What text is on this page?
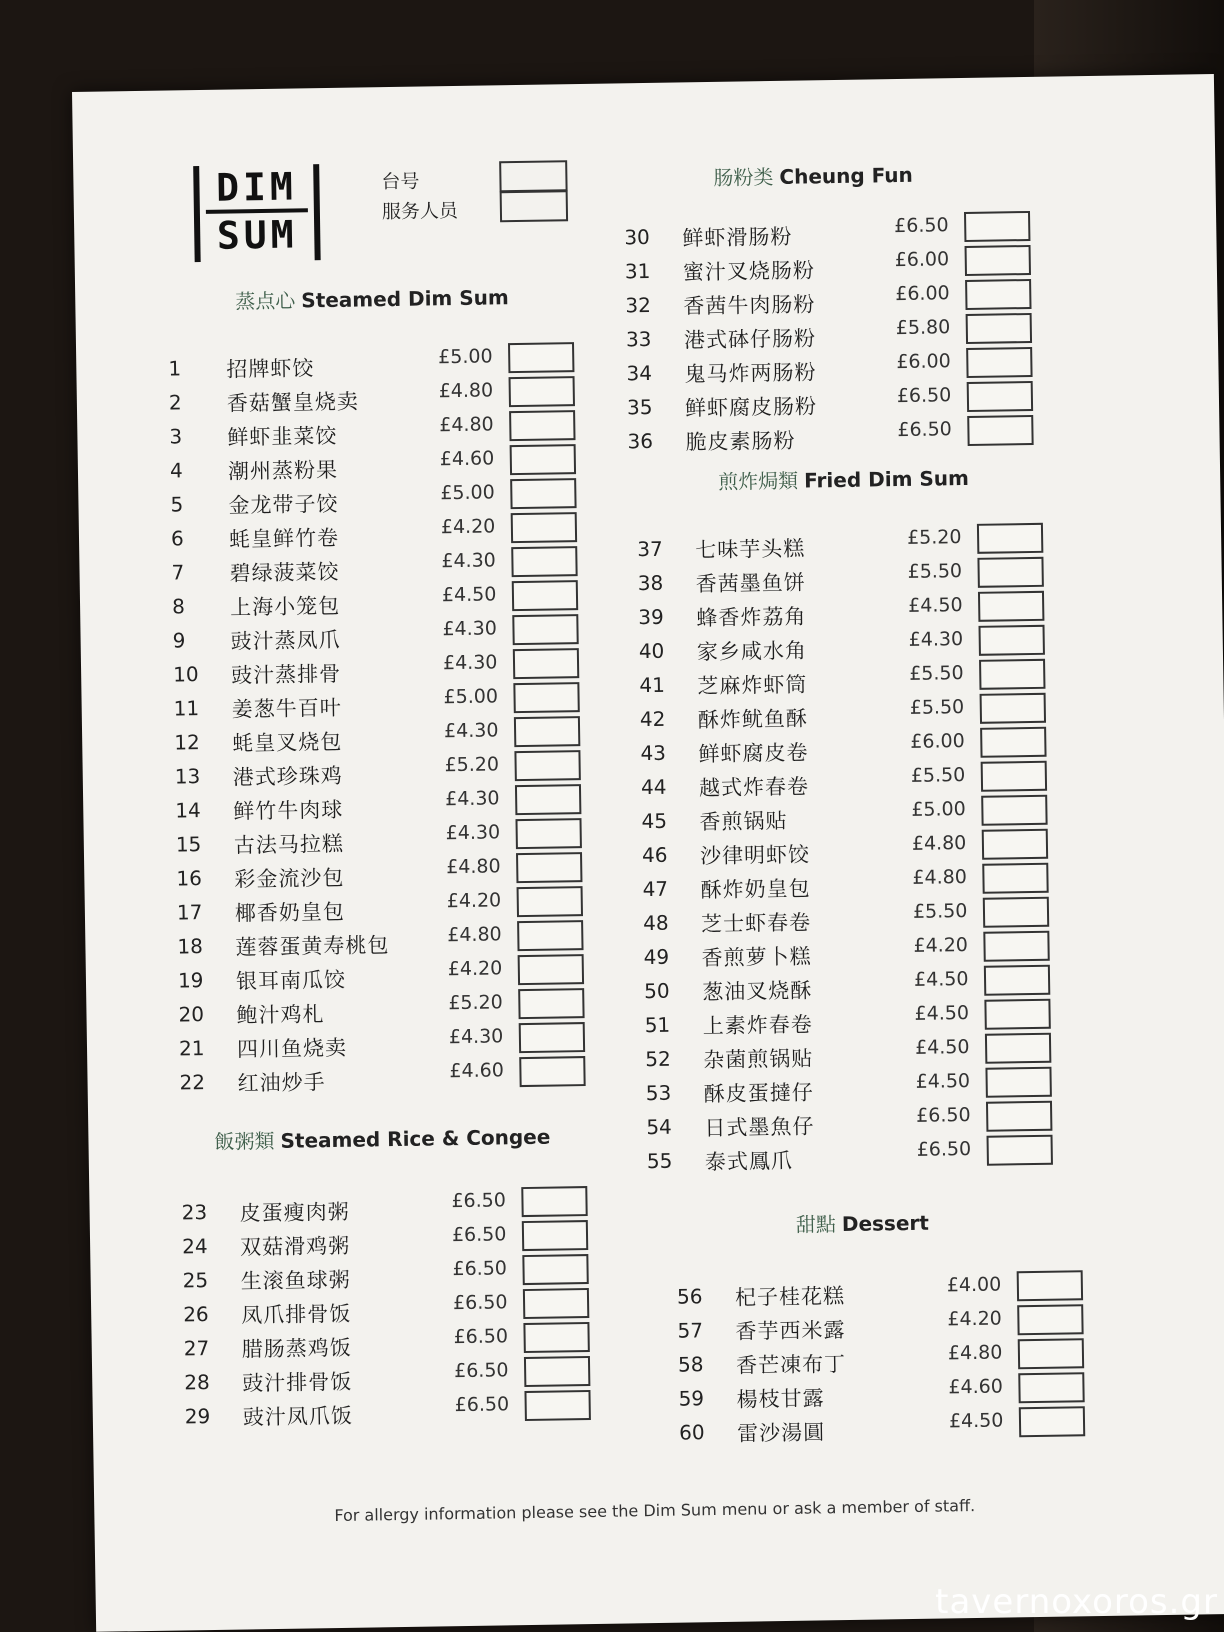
DIM
SUM
台号
服务人员
蒸点心 Steamed Dim Sum
飯粥類 Steamed Rice & Congee
肠粉类 Cheung Fun
煎炸焗類 Fried Dim Sum
甜點 Dessert
1	招牌虾饺	£5.00
2	香菇蟹皇烧卖	£4.80
3	鲜虾韭菜饺	£4.80
4	潮州蒸粉果	£4.60
5	金龙带子饺	£5.00
6	蚝皇鲜竹卷	£4.20
7	碧绿菠菜饺	£4.30
8	上海小笼包	£4.50
9	豉汁蒸凤爪	£4.30
10	豉汁蒸排骨	£4.30
11	姜葱牛百叶	£5.00
12	蚝皇叉烧包	£4.30
13	港式珍珠鸡	£5.20
14	鲜竹牛肉球	£4.30
15	古法马拉糕	£4.30
16	彩金流沙包	£4.80
17	椰香奶皇包	£4.20
18	莲蓉蛋黄寿桃包	£4.80
19	银耳南瓜饺	£4.20
20	鲍汁鸡札	£5.20
21	四川鱼烧卖	£4.30
22	红油炒手	£4.60
23	皮蛋瘦肉粥	£6.50
24	双菇滑鸡粥	£6.50
25	生滚鱼球粥	£6.50
26	凤爪排骨饭	£6.50
27	腊肠蒸鸡饭	£6.50
28	豉汁排骨饭	£6.50
29	豉汁凤爪饭	£6.50
30	鲜虾滑肠粉	£6.50
31	蜜汁叉烧肠粉	£6.00
32	香茜牛肉肠粉	£6.00
33	港式砵仔肠粉	£5.80
34	鬼马炸两肠粉	£6.00
35	鲜虾腐皮肠粉	£6.50
36	脆皮素肠粉	£6.50
37	七味芋头糕	£5.20
38	香茜墨鱼饼	£5.50
39	蜂香炸荔角	£4.50
40	家乡咸水角	£4.30
41	芝麻炸虾筒	£5.50
42	酥炸鱿鱼酥	£5.50
43	鲜虾腐皮卷	£6.00
44	越式炸春卷	£5.50
45	香煎锅贴	£5.00
46	沙律明虾饺	£4.80
47	酥炸奶皇包	£4.80
48	芝士虾春卷	£5.50
49	香煎萝卜糕	£4.20
50	葱油叉烧酥	£4.50
51	上素炸春卷	£4.50
52	杂菌煎锅贴	£4.50
53	酥皮蛋撻仔	£4.50
54	日式墨魚仔	£6.50
55	泰式鳳爪	£6.50
56	杞子桂花糕	£4.00
57	香芋西米露	£4.20
58	香芒凍布丁	£4.80
59	楊枝甘露	£4.60
60	雷沙湯圓	£4.50
For allergy information please see the Dim Sum menu or ask a member of staff.
tavernoxoros.gr
